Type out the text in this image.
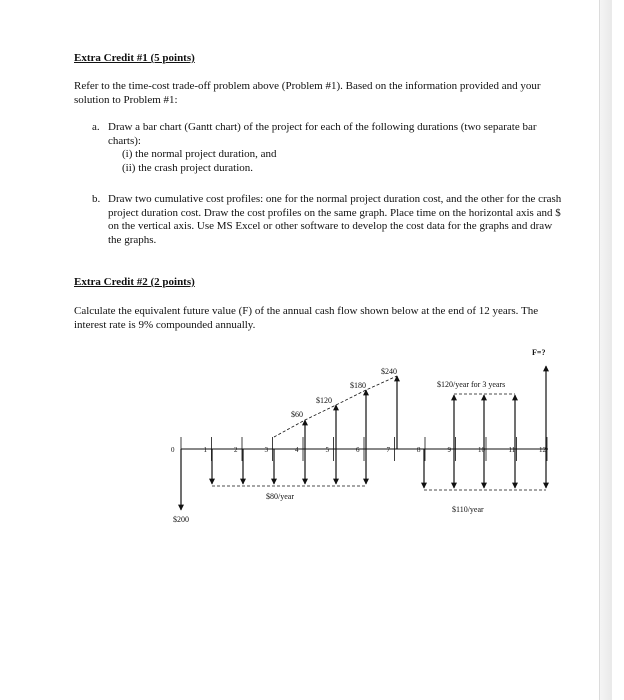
Extra Credit #1 (5 points)
Refer to the time-cost trade-off problem above (Problem #1). Based on the information provided and your solution to Problem #1:
a. Draw a bar chart (Gantt chart) of the project for each of the following durations (two separate bar charts):
(i) the normal project duration, and
(ii) the crash project duration.
b. Draw two cumulative cost profiles: one for the normal project duration cost, and the other for the crash project duration cost. Draw the cost profiles on the same graph. Place time on the horizontal axis and $ on the vertical axis. Use MS Excel or other software to develop the cost data for the graphs and draw the graphs.
Extra Credit #2 (2 points)
Calculate the equivalent future value (F) of the annual cash flow shown below at the end of 12 years. The interest rate is 9% compounded annually.
0	1	2	3	4	5	6	7	8	9	10	11	12
$200
$80/year
$60
$120
$180
$240
$120/year for 3 years
$110/year
F=?
